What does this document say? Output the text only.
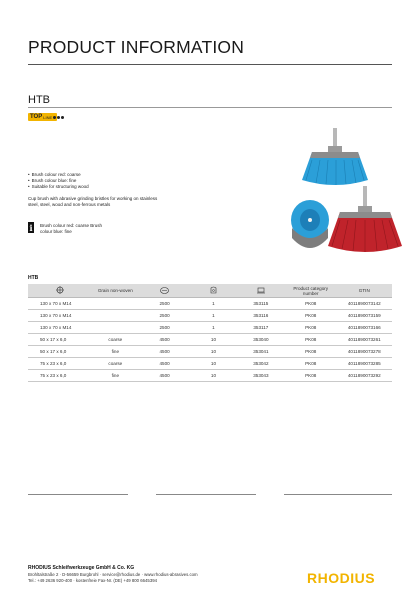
PRODUCT INFORMATION
HTB
TOP LINE
• Brush colour red: coarse
• Brush colour blue: fine
• Suitable for structuring wood
Cup brush with abrasive grinding bristles for working on stainless steel, steel, wood and non-ferrous metals
i	Brush colour red: coarse Brush colour blue: fine
HTB
	Grain non-woven				Product category number	GTIN
130 x 70 x M14		2500	1	353115	PK08	4011890073142
130 x 70 x M14		2500	1	353116	PK08	4011890073159
130 x 70 x M14		2500	1	353117	PK08	4011890073166
50 x 17 x 6,0	coarse	4500	10	353040	PK08	4011890073261
50 x 17 x 6,0	fine	4500	10	353041	PK08	4011890073278
75 x 23 x 6,0	coarse	4500	10	353042	PK08	4011890073285
75 x 23 x 6,0	fine	4500	10	353043	PK08	4011890073292
RHODIUS Schleifwerkzeuge GmbH & Co. KG
Brohltalstraße 2 · D-56659 Burgbrohl · service@rhodius.de · www.rhodius-abrasives.com
Tel.: +49 2636 920-400 · kostenfreie Fax-Nr. (DE) +49 800 6645394	RHODIUS
